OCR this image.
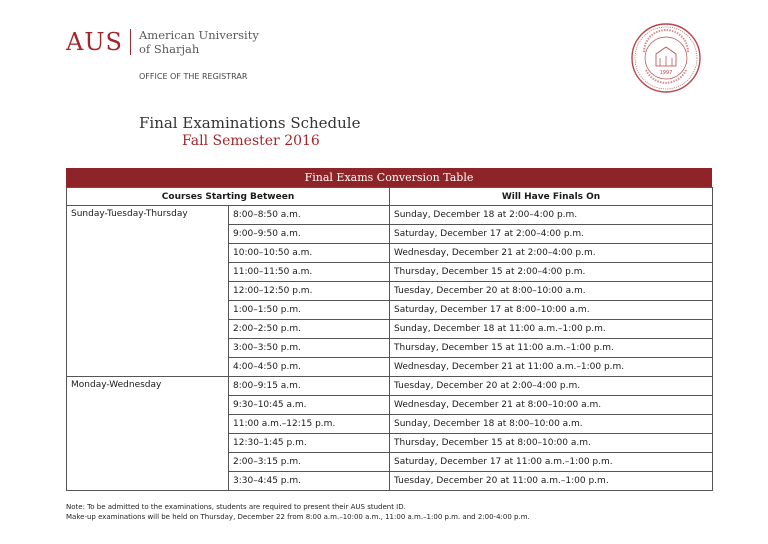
AUS American University
of Sharjah
OFFICE OF THE REGISTRAR	1997
Final Examinations Schedule
Fall Semester 2016
Final Exams Conversion Table
Courses Starting Between		Will Have Finals On
Sunday-Tuesday-Thursday	8:00–8:50 a.m.	Sunday, December 18 at 2:00–4:00 p.m.
	9:00–9:50 a.m.	Saturday, December 17 at 2:00–4:00 p.m.
	10:00–10:50 a.m.	Wednesday, December 21 at 2:00–4:00 p.m.
	11:00–11:50 a.m.	Thursday, December 15 at 2:00–4:00 p.m.
	12:00–12:50 p.m.	Tuesday, December 20 at 8:00–10:00 a.m.
	1:00–1:50 p.m.	Saturday, December 17 at 8:00–10:00 a.m.
	2:00–2:50 p.m.	Sunday, December 18 at 11:00 a.m.–1:00 p.m.
	3:00–3:50 p.m.	Thursday, December 15 at 11:00 a.m.–1:00 p.m.
	4:00–4:50 p.m.	Wednesday, December 21 at 11:00 a.m.–1:00 p.m.
Monday-Wednesday	8:00–9:15 a.m.	Tuesday, December 20 at 2:00–4:00 p.m.
	9:30–10:45 a.m.	Wednesday, December 21 at 8:00–10:00 a.m.
	11:00 a.m.–12:15 p.m.	Sunday, December 18 at 8:00–10:00 a.m.
	12:30–1:45 p.m.	Thursday, December 15 at 8:00–10:00 a.m.
	2:00–3:15 p.m.	Saturday, December 17 at 11:00 a.m.–1:00 p.m.
	3:30–4:45 p.m.	Tuesday, December 20 at 11:00 a.m.–1:00 p.m.
Note: To be admitted to the examinations, students are required to present their AUS student ID.
Make-up examinations will be held on Thursday, December 22 from 8:00 a.m.–10:00 a.m., 11:00 a.m.–1:00 p.m. and 2:00-4:00 p.m.
